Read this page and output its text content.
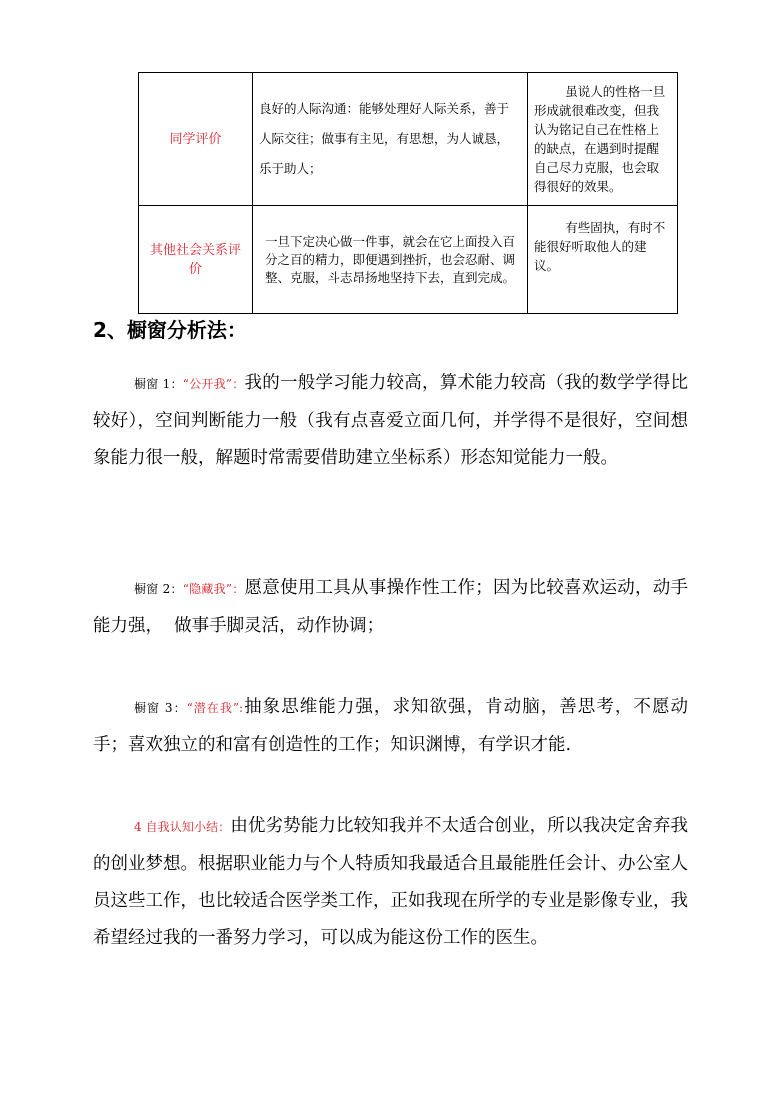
同学评价	良好的人际沟通：能够处理好人际关系，善于人际交往；做事有主见，有思想，为人诚恳，乐于助人；	虽说人的性格一旦形成就很难改变，但我认为铭记自己在性格上的缺点，在遇到时提醒自己尽力克服，也会取得很好的效果。
其他社会关系评价	一旦下定决心做一件事，就会在它上面投入百分之百的精力，即便遇到挫折，也会忍耐、调整、克服，斗志昂扬地坚持下去，直到完成。	有些固执，有时不能很好听取他人的建议。
2、橱窗分析法：
橱窗 1：“公开我”：我的一般学习能力较高，算术能力较高（我的数学学得比较好），空间判断能力一般（我有点喜爱立面几何，并学得不是很好，空间想象能力很一般，解题时常需要借助建立坐标系）形态知觉能力一般。
橱窗 2：“隐藏我”：愿意使用工具从事操作性工作；因为比较喜欢运动，动手能力强，  做事手脚灵活，动作协调；
橱窗 3：“潜在我”:抽象思维能力强，求知欲强，肯动脑，善思考，不愿动手；喜欢独立的和富有创造性的工作；知识渊博，有学识才能.
4 自我认知小结：由优劣势能力比较知我并不太适合创业，所以我决定舍弃我的创业梦想。根据职业能力与个人特质知我最适合且最能胜任会计、办公室人员这些工作，也比较适合医学类工作，正如我现在所学的专业是影像专业，我希望经过我的一番努力学习，可以成为能这份工作的医生。
